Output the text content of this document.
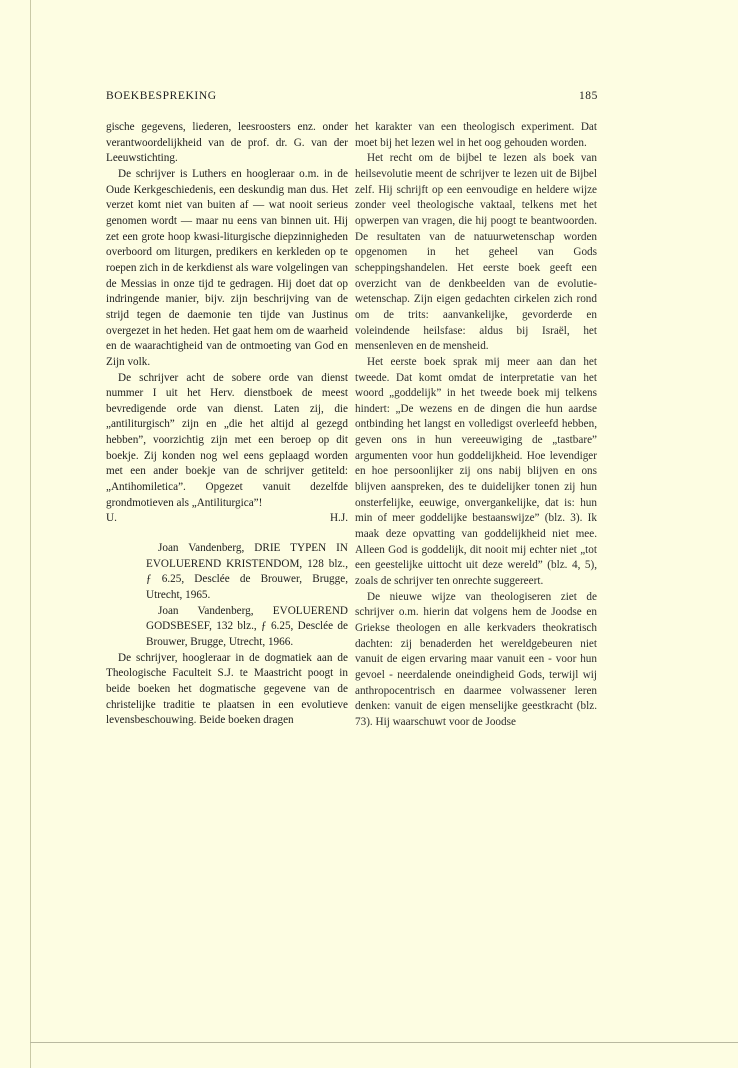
BOEKBESPREKING	185

gische gegevens, liederen, leesroosters enz. onder verantwoordelijkheid van de prof. dr. G. van der Leeuwstichting.

De schrijver is Luthers en hoogleraar o.m. in de Oude Kerkgeschiedenis, een deskundig man dus. Het verzet komt niet van buiten af — wat nooit serieus genomen wordt — maar nu eens van binnen uit. Hij zet een grote hoop kwasi-liturgische diepzinnigheden overboord om liturgen, predikers en kerkleden op te roepen zich in de kerkdienst als ware volgelingen van de Messias in onze tijd te gedragen. Hij doet dat op indringende manier, bijv. zijn beschrijving van de strijd tegen de daemonie ten tijde van Justinus overgezet in het heden. Het gaat hem om de waarheid en de waarachtigheid van de ontmoeting van God en Zijn volk.

De schrijver acht de sobere orde van dienst nummer I uit het Herv. dienstboek de meest bevredigende orde van dienst. Laten zij, die „antiliturgisch” zijn en „die het altijd al gezegd hebben”, voorzichtig zijn met een beroep op dit boekje. Zij konden nog wel eens geplaagd worden met een ander boekje van de schrijver getiteld: „Antihomiletica”. Opgezet vanuit dezelfde grondmotieven als „Antiliturgica”!

U.	H.J.

Joan Vandenberg, DRIE TYPEN IN EVOLUEREND KRISTENDOM, 128 blz., ƒ 6.25, Desclée de Brouwer, Brugge, Utrecht, 1965.

Joan Vandenberg, EVOLUEREND GODSBESEF, 132 blz., ƒ 6.25, Desclée de Brouwer, Brugge, Utrecht, 1966.

De schrijver, hoogleraar in de dogmatiek aan de Theologische Faculteit S.J. te Maastricht poogt in beide boeken het dogmatische gegevene van de christelijke traditie te plaatsen in een evolutieve levensbeschouwing. Beide boeken dragen

het karakter van een theologisch experiment. Dat moet bij het lezen wel in het oog gehouden worden.

Het recht om de bijbel te lezen als boek van heilsevolutie meent de schrijver te lezen uit de Bijbel zelf. Hij schrijft op een eenvoudige en heldere wijze zonder veel theologische vaktaal, telkens met het opwerpen van vragen, die hij poogt te beantwoorden. De resultaten van de natuurwetenschap worden opgenomen in het geheel van Gods scheppingshandelen. Het eerste boek geeft een overzicht van de denkbeelden van de evolutie-wetenschap. Zijn eigen gedachten cirkelen zich rond om de trits: aanvankelijke, gevorderde en voleindende heilsfase: aldus bij Israël, het mensenleven en de mensheid.

Het eerste boek sprak mij meer aan dan het tweede. Dat komt omdat de interpretatie van het woord „goddelijk” in het tweede boek mij telkens hindert: „De wezens en de dingen die hun aardse ontbinding het langst en volledigst overleefd hebben, geven ons in hun vereeuwiging de „tastbare” argumenten voor hun goddelijkheid. Hoe levendiger en hoe persoonlijker zij ons nabij blijven en ons blijven aanspreken, des te duidelijker tonen zij hun onsterfelijke, eeuwige, onvergankelijke, dat is: hun min of meer goddelijke bestaanswijze” (blz. 3). Ik maak deze opvatting van goddelijkheid niet mee. Alleen God is goddelijk, dit nooit mij echter niet „tot een geestelijke uittocht uit deze wereld” (blz. 4, 5), zoals de schrijver ten onrechte suggereert.

De nieuwe wijze van theologiseren ziet de schrijver o.m. hierin dat volgens hem de Joodse en Griekse theologen en alle kerkvaders theokratisch dachten: zij benaderden het wereldgebeuren niet vanuit de eigen ervaring maar vanuit een - voor hun gevoel - neerdalende oneindigheid Gods, terwijl wij anthropocentrisch en daarmee volwassener leren denken: vanuit de eigen menselijke geestkracht (blz. 73). Hij waarschuwt voor de Joodse
